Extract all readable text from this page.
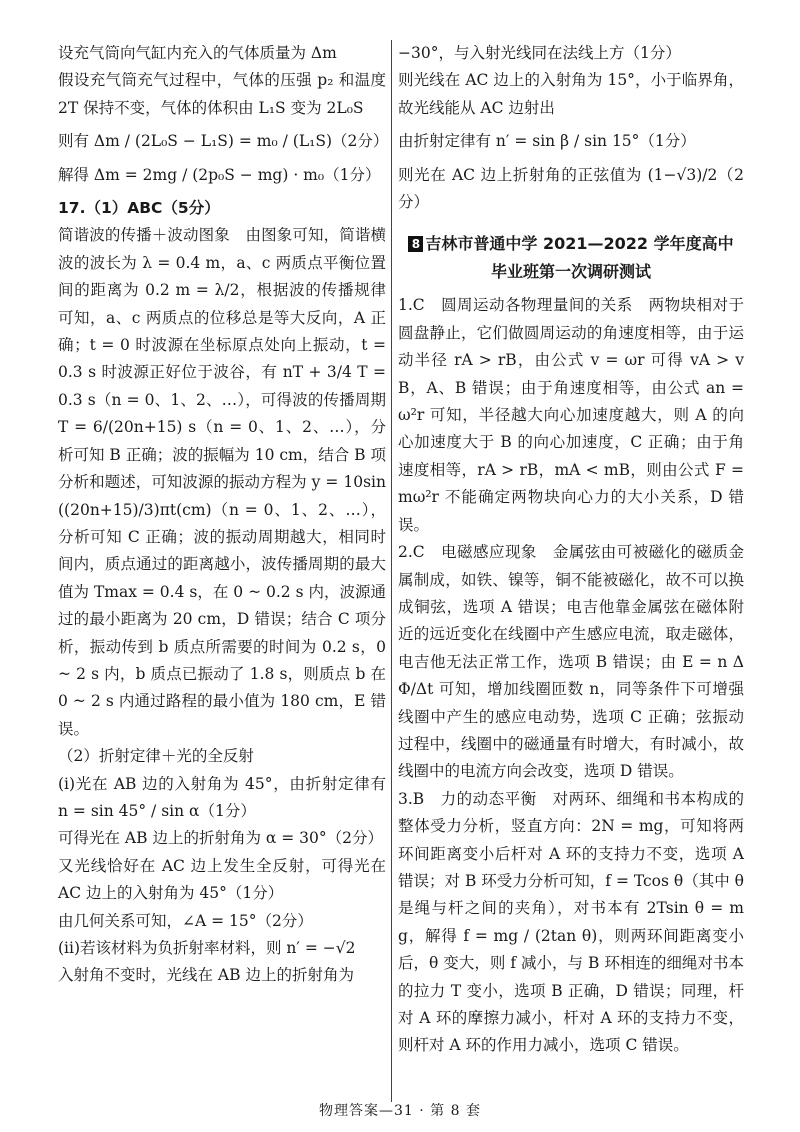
设充气筒向气缸内充入的气体质量为 Δm

假设充气筒充气过程中，气体的压强 p₂ 和温度 2T 保持不变，气体的体积由 L₁S 变为 2L₀S

则有 Δm / (2L₀S − L₁S) = m₀ / (L₁S)（2分）

解得 Δm = 2mg / (2p₀S − mg) · m₀（1分）

17.（1）ABC（5分）

简谐波的传播＋波动图象　由图象可知，简谐横波的波长为 λ = 0.4 m，a、c 两质点平衡位置间的距离为 0.2 m = λ/2，根据波的传播规律可知，a、c 两质点的位移总是等大反向，A 正确；t = 0 时波源在坐标原点处向上振动，t = 0.3 s 时波源正好位于波谷，有 nT + 3/4 T = 0.3 s（n = 0、1、2、…），可得波的传播周期 T = 6/(20n+15) s（n = 0、1、2、…），分析可知 B 正确；波的振幅为 10 cm，结合 B 项分析和题述，可知波源的振动方程为 y = 10sin((20n+15)/3)πt(cm)（n = 0、1、2、…），分析可知 C 正确；波的振动周期越大，相同时间内，质点通过的距离越小，波传播周期的最大值为 Tmax = 0.4 s，在 0 ~ 0.2 s 内，波源通过的最小距离为 20 cm，D 错误；结合 C 项分析，振动传到 b 质点所需要的时间为 0.2 s，0 ~ 2 s 内，b 质点已振动了 1.8 s，则质点 b 在 0 ~ 2 s 内通过路程的最小值为 180 cm，E 错误。

（2）折射定律＋光的全反射

(i)光在 AB 边的入射角为 45°，由折射定律有 n = sin 45° / sin α（1分）

可得光在 AB 边上的折射角为 α = 30°（2分）

又光线恰好在 AC 边上发生全反射，可得光在 AC 边上的入射角为 45°（1分）

由几何关系可知，∠A = 15°（2分）

(ii)若该材料为负折射率材料，则 n′ = −√2

入射角不变时，光线在 AB 边上的折射角为

−30°，与入射光线同在法线上方（1分）

则光线在 AC 边上的入射角为 15°，小于临界角，故光线能从 AC 边射出

由折射定律有 n′ = sin β / sin 15°（1分）

则光在 AC 边上折射角的正弦值为 (1−√3)/2（2分）

8 吉林市普通中学 2021—2022 学年度高中
毕业班第一次调研测试

1.C　圆周运动各物理量间的关系　两物块相对于圆盘静止，它们做圆周运动的角速度相等，由于运动半径 rA > rB，由公式 v = ωr 可得 vA > vB，A、B 错误；由于角速度相等，由公式 an = ω²r 可知，半径越大向心加速度越大，则 A 的向心加速度大于 B 的向心加速度，C 正确；由于角速度相等，rA > rB，mA < mB，则由公式 F = mω²r 不能确定两物块向心力的大小关系，D 错误。

2.C　电磁感应现象　金属弦由可被磁化的磁质金属制成，如铁、镍等，铜不能被磁化，故不可以换成铜弦，选项 A 错误；电吉他靠金属弦在磁体附近的远近变化在线圈中产生感应电流，取走磁体，电吉他无法正常工作，选项 B 错误；由 E = n ΔΦ/Δt 可知，增加线圈匝数 n，同等条件下可增强线圈中产生的感应电动势，选项 C 正确；弦振动过程中，线圈中的磁通量有时增大，有时减小，故线圈中的电流方向会改变，选项 D 错误。

3.B　力的动态平衡　对两环、细绳和书本构成的整体受力分析，竖直方向：2N = mg，可知将两环间距离变小后杆对 A 环的支持力不变，选项 A 错误；对 B 环受力分析可知，f = Tcos θ（其中 θ 是绳与杆之间的夹角），对书本有 2Tsin θ = mg，解得 f = mg / (2tan θ)，则两环间距离变小后，θ 变大，则 f 减小，与 B 环相连的细绳对书本的拉力 T 变小，选项 B 正确，D 错误；同理，杆对 A 环的摩擦力减小，杆对 A 环的支持力不变，则杆对 A 环的作用力减小，选项 C 错误。

物理答案—31 · 第 8 套
